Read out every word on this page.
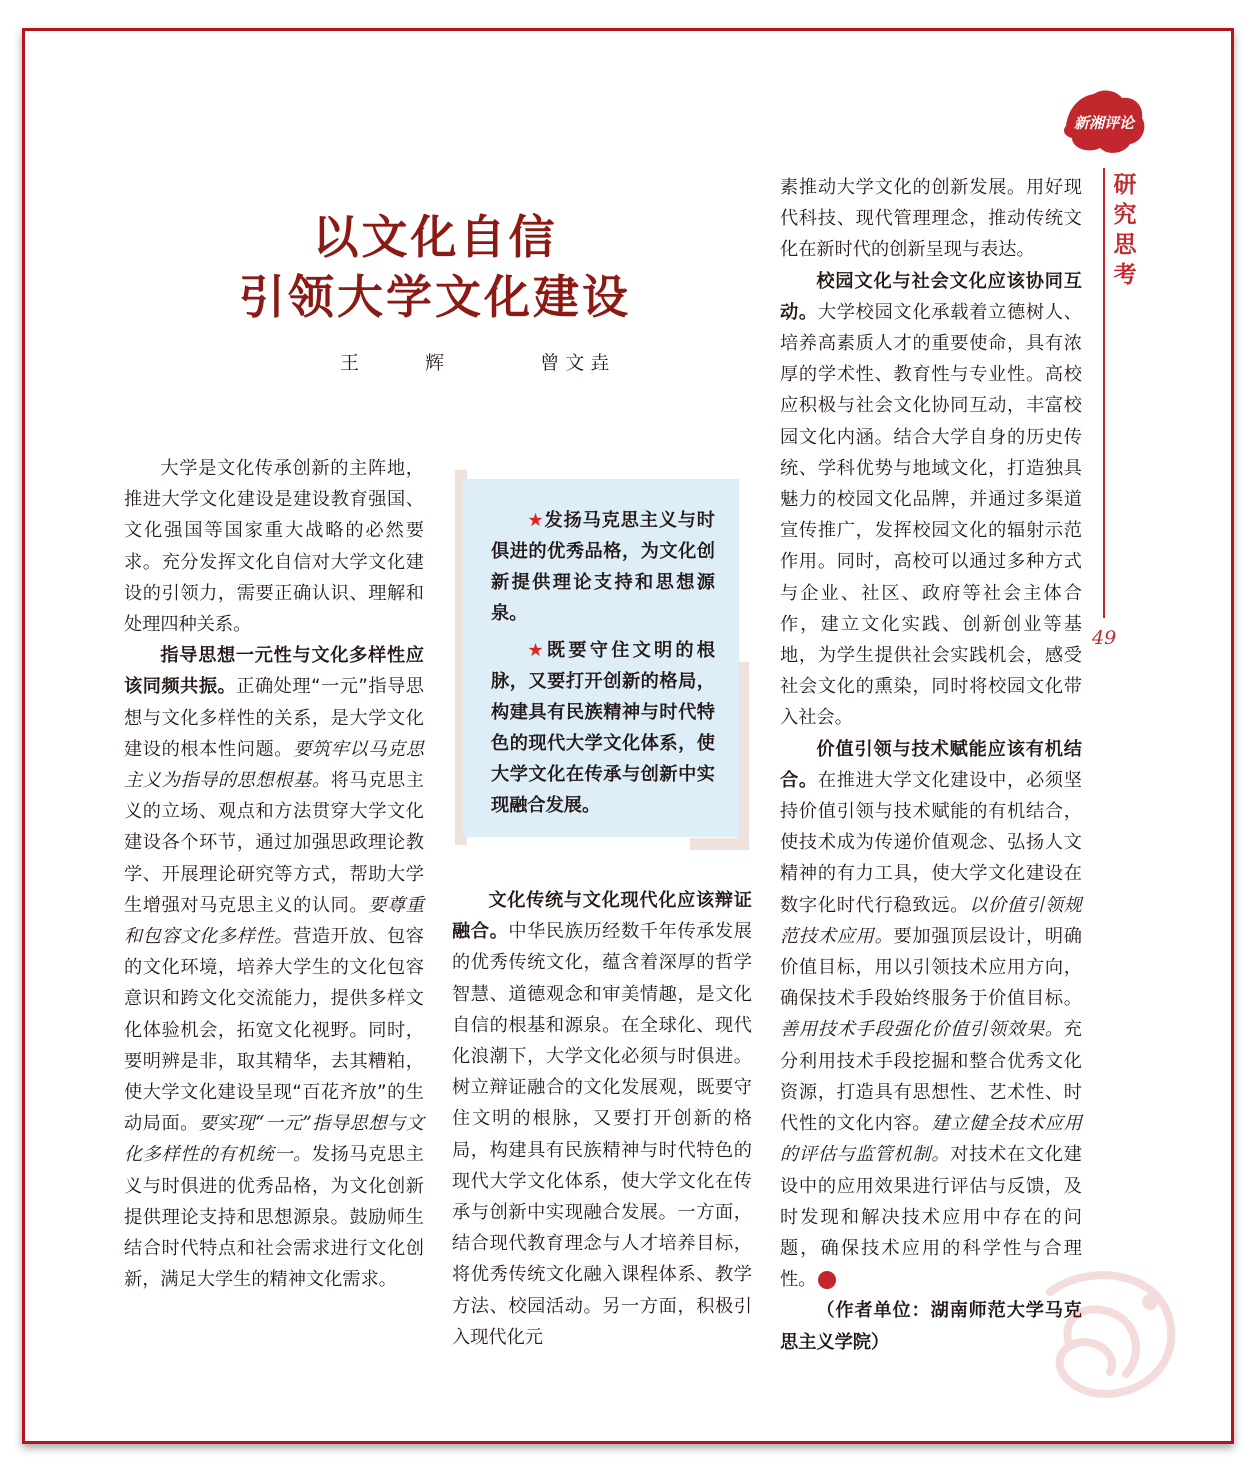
新湘评论
研究思考
49
以文化自信
引领大学文化建设
王  辉   曾文垚

★发扬马克思主义与时俱进的优秀品格，为文化创新提供理论支持和思想源泉。

★既要守住文明的根脉，又要打开创新的格局，构建具有民族精神与时代特色的现代大学文化体系，使大学文化在传承与创新中实现融合发展。

大学是文化传承创新的主阵地，推进大学文化建设是建设教育强国、文化强国等国家重大战略的必然要求。充分发挥文化自信对大学文化建设的引领力，需要正确认识、理解和处理四种关系。

指导思想一元性与文化多样性应该同频共振。正确处理“一元”指导思想与文化多样性的关系，是大学文化建设的根本性问题。要筑牢以马克思主义为指导的思想根基。将马克思主义的立场、观点和方法贯穿大学文化建设各个环节，通过加强思政理论教学、开展理论研究等方式，帮助大学生增强对马克思主义的认同。要尊重和包容文化多样性。营造开放、包容的文化环境，培养大学生的文化包容意识和跨文化交流能力，提供多样文化体验机会，拓宽文化视野。同时，要明辨是非，取其精华，去其糟粕，使大学文化建设呈现“百花齐放”的生动局面。要实现“一元”指导思想与文化多样性的有机统一。发扬马克思主义与时俱进的优秀品格，为文化创新提供理论支持和思想源泉。鼓励师生结合时代特点和社会需求进行文化创新，满足大学生的精神文化需求。

文化传统与文化现代化应该辩证融合。中华民族历经数千年传承发展的优秀传统文化，蕴含着深厚的哲学智慧、道德观念和审美情趣，是文化自信的根基和源泉。在全球化、现代化浪潮下，大学文化必须与时俱进。树立辩证融合的文化发展观，既要守住文明的根脉，又要打开创新的格局，构建具有民族精神与时代特色的现代大学文化体系，使大学文化在传承与创新中实现融合发展。一方面，结合现代教育理念与人才培养目标，将优秀传统文化融入课程体系、教学方法、校园活动。另一方面，积极引入现代化元

素推动大学文化的创新发展。用好现代科技、现代管理理念，推动传统文化在新时代的创新呈现与表达。

校园文化与社会文化应该协同互动。大学校园文化承载着立德树人、培养高素质人才的重要使命，具有浓厚的学术性、教育性与专业性。高校应积极与社会文化协同互动，丰富校园文化内涵。结合大学自身的历史传统、学科优势与地域文化，打造独具魅力的校园文化品牌，并通过多渠道宣传推广，发挥校园文化的辐射示范作用。同时，高校可以通过多种方式与企业、社区、政府等社会主体合作，建立文化实践、创新创业等基地，为学生提供社会实践机会，感受社会文化的熏染，同时将校园文化带入社会。

价值引领与技术赋能应该有机结合。在推进大学文化建设中，必须坚持价值引领与技术赋能的有机结合，使技术成为传递价值观念、弘扬人文精神的有力工具，使大学文化建设在数字化时代行稳致远。以价值引领规范技术应用。要加强顶层设计，明确价值目标，用以引领技术应用方向，确保技术手段始终服务于价值目标。善用技术手段强化价值引领效果。充分利用技术手段挖掘和整合优秀文化资源，打造具有思想性、艺术性、时代性的文化内容。建立健全技术应用的评估与监管机制。对技术在文化建设中的应用效果进行评估与反馈，及时发现和解决技术应用中存在的问题，确保技术应用的科学性与合理性。	湘

（作者单位：湖南师范大学马克思主义学院）
